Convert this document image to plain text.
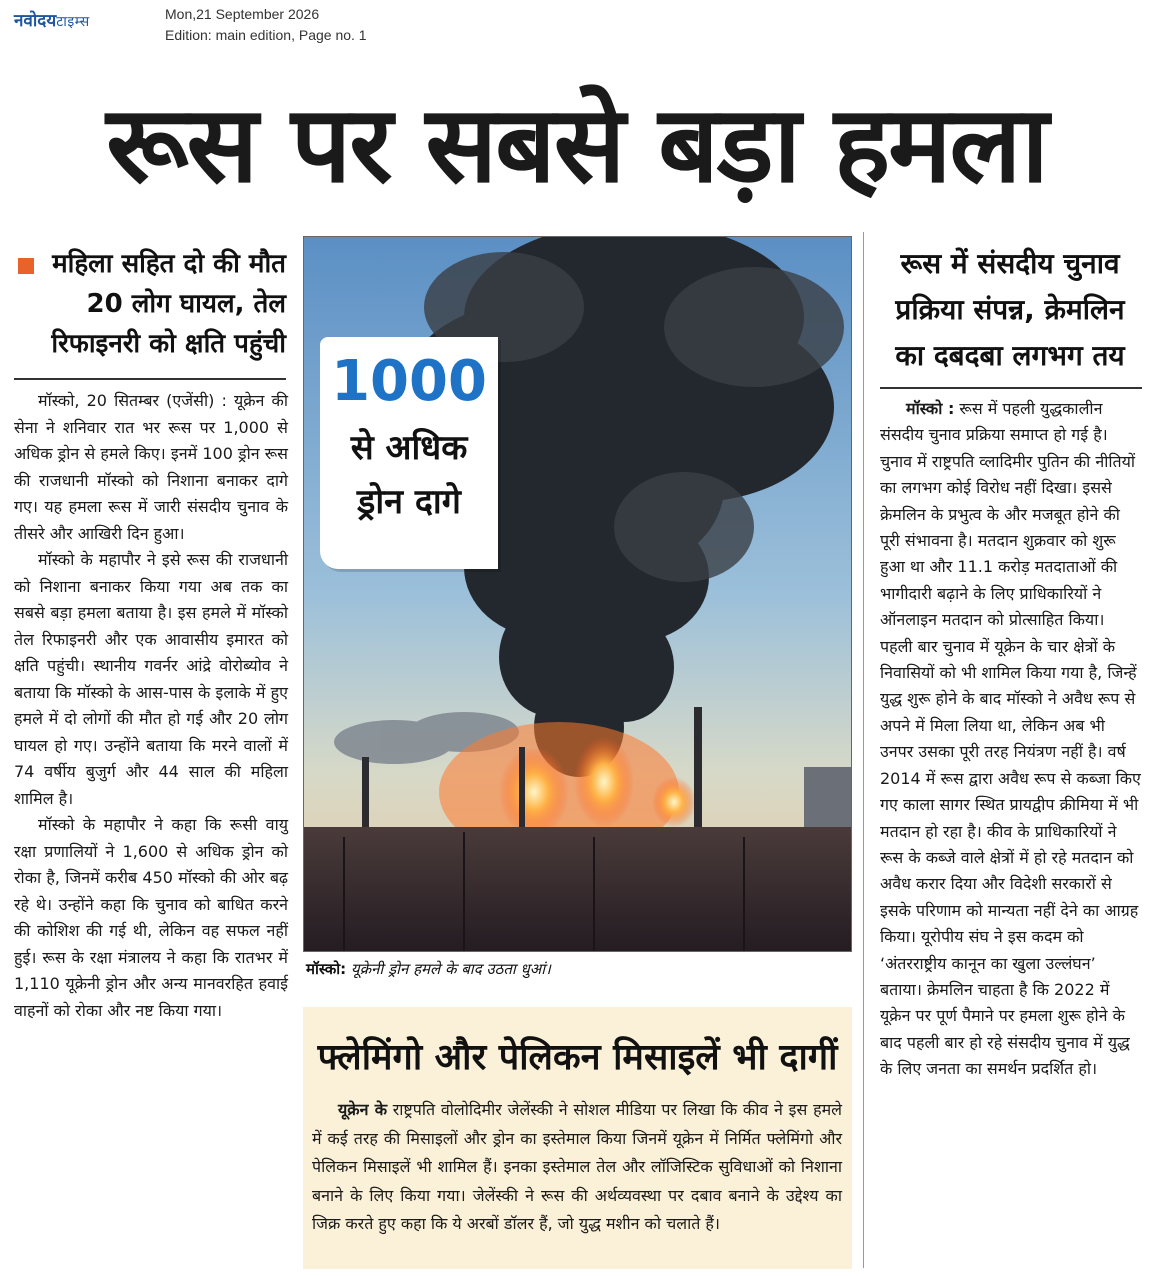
नवोदयटाइम्स	Mon,21 September 2026
Edition: main edition, Page no. 1
रूस पर सबसे बड़ा हमला
महिला सहित दो की मौत
20 लोग घायल, तेल
रिफाइनरी को क्षति पहुंची

मॉस्को, 20 सितम्बर (एजेंसी) : यूक्रेन की सेना ने शनिवार रात भर रूस पर 1,000 से अधिक ड्रोन से हमले किए। इनमें 100 ड्रोन रूस की राजधानी मॉस्को को निशाना बनाकर दागे गए। यह हमला रूस में जारी संसदीय चुनाव के तीसरे और आखिरी दिन हुआ।

मॉस्को के महापौर ने इसे रूस की राजधानी को निशाना बनाकर किया गया अब तक का सबसे बड़ा हमला बताया है। इस हमले में मॉस्को तेल रिफाइनरी और एक आवासीय इमारत को क्षति पहुंची। स्थानीय गवर्नर आंद्रे वोरोब्योव ने बताया कि मॉस्को के आस-पास के इलाके में हुए हमले में दो लोगों की मौत हो गई और 20 लोग घायल हो गए। उन्होंने बताया कि मरने वालों में 74 वर्षीय बुजुर्ग और 44 साल की महिला शामिल है।

मॉस्को के महापौर ने कहा कि रूसी वायु रक्षा प्रणालियों ने 1,600 से अधिक ड्रोन को रोका है, जिनमें करीब 450 मॉस्को की ओर बढ़ रहे थे। उन्होंने कहा कि चुनाव को बाधित करने की कोशिश की गई थी, लेकिन वह सफल नहीं हुई। रूस के रक्षा मंत्रालय ने कहा कि रातभर में 1,110 यूक्रेनी ड्रोन और अन्य मानवरहित हवाई वाहनों को रोका और नष्ट किया गया।

1000
से अधिक
ड्रोन दागे
मॉस्को: यूक्रेनी ड्रोन हमले के बाद उठता धुआं।
फ्लेमिंगो और पेलिकन मिसाइलें भी दागीं

यूक्रेन के राष्ट्रपति वोलोदिमीर जेलेंस्की ने सोशल मीडिया पर लिखा कि कीव ने इस हमले में कई तरह की मिसाइलों और ड्रोन का इस्तेमाल किया जिनमें यूक्रेन में निर्मित फ्लेमिंगो और पेलिकन मिसाइलें भी शामिल हैं। इनका इस्तेमाल तेल और लॉजिस्टिक सुविधाओं को निशाना बनाने के लिए किया गया। जेलेंस्की ने रूस की अर्थव्यवस्था पर दबाव बनाने के उद्देश्य का जिक्र करते हुए कहा कि ये अरबों डॉलर हैं, जो युद्ध मशीन को चलाते हैं।

रूस में संसदीय चुनाव
प्रक्रिया संपन्न, क्रेमलिन
का दबदबा लगभग तय

मॉस्को : रूस में पहली युद्धकालीन संसदीय चुनाव प्रक्रिया समाप्त हो गई है। चुनाव में राष्ट्रपति व्लादिमीर पुतिन की नीतियों का लगभग कोई विरोध नहीं दिखा। इससे क्रेमलिन के प्रभुत्व के और मजबूत होने की पूरी संभावना है। मतदान शुक्रवार को शुरू हुआ था और 11.1 करोड़ मतदाताओं की भागीदारी बढ़ाने के लिए प्राधिकारियों ने ऑनलाइन मतदान को प्रोत्साहित किया। पहली बार चुनाव में यूक्रेन के चार क्षेत्रों के निवासियों को भी शामिल किया गया है, जिन्हें युद्ध शुरू होने के बाद मॉस्को ने अवैध रूप से अपने में मिला लिया था, लेकिन अब भी उनपर उसका पूरी तरह नियंत्रण नहीं है। वर्ष 2014 में रूस द्वारा अवैध रूप से कब्जा किए गए काला सागर स्थित प्रायद्वीप क्रीमिया में भी मतदान हो रहा है। कीव के प्राधिकारियों ने रूस के कब्जे वाले क्षेत्रों में हो रहे मतदान को अवैध करार दिया और विदेशी सरकारों से इसके परिणाम को मान्यता नहीं देने का आग्रह किया। यूरोपीय संघ ने इस कदम को ‘अंतरराष्ट्रीय कानून का खुला उल्लंघन’ बताया। क्रेमलिन चाहता है कि 2022 में यूक्रेन पर पूर्ण पैमाने पर हमला शुरू होने के बाद पहली बार हो रहे संसदीय चुनाव में युद्ध के लिए जनता का समर्थन प्रदर्शित हो।
